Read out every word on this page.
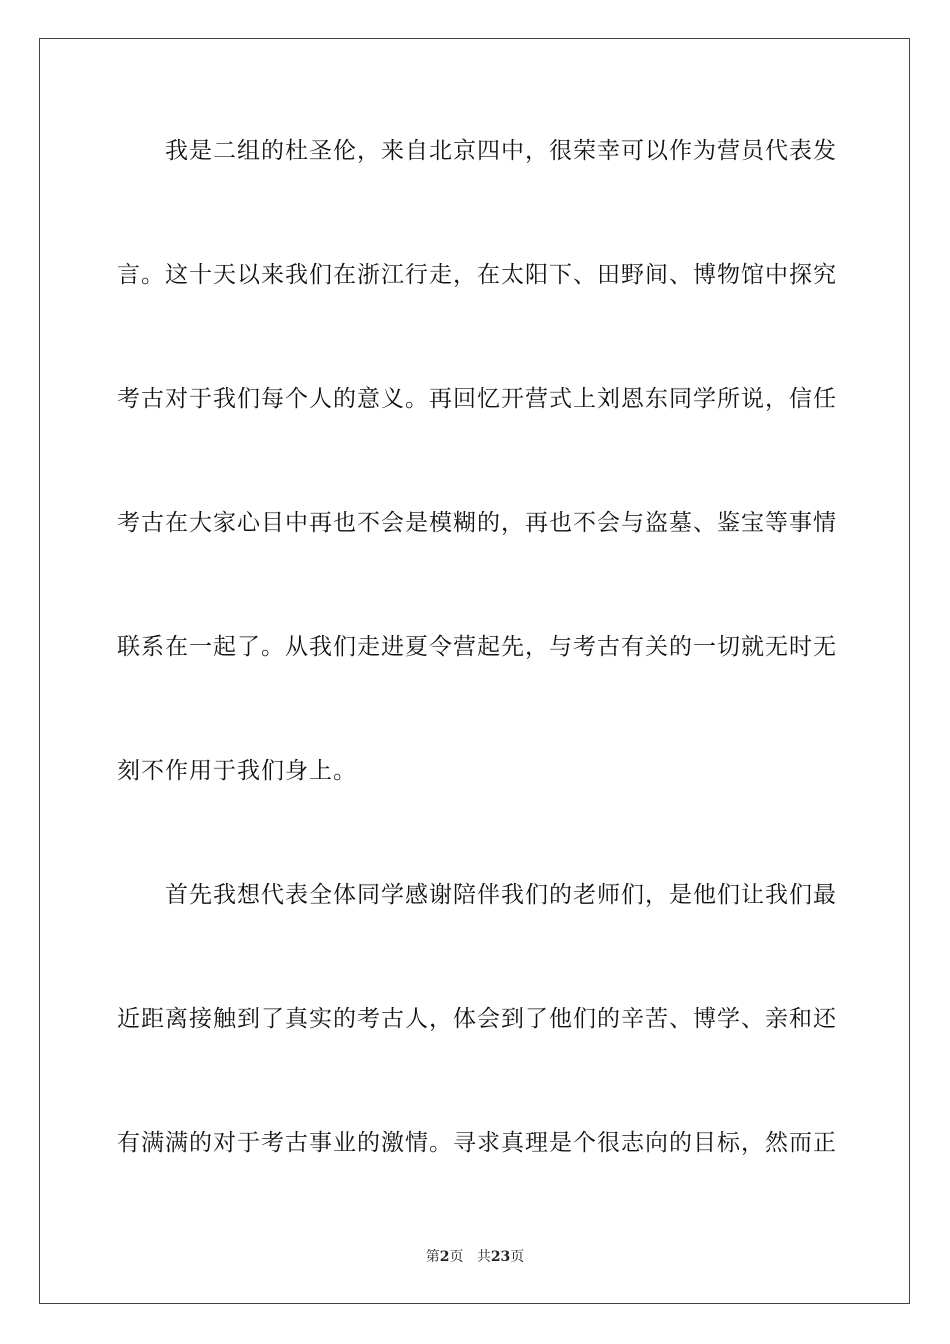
我是二组的杜圣伦，来自北京四中，很荣幸可以作为营员代表发
言。这十天以来我们在浙江行走，在太阳下、田野间、博物馆中探究
考古对于我们每个人的意义。再回忆开营式上刘恩东同学所说，信任
考古在大家心目中再也不会是模糊的，再也不会与盗墓、鉴宝等事情
联系在一起了。从我们走进夏令营起先，与考古有关的一切就无时无
刻不作用于我们身上。
首先我想代表全体同学感谢陪伴我们的老师们，是他们让我们最
近距离接触到了真实的考古人，体会到了他们的辛苦、博学、亲和还
有满满的对于考古事业的激情。寻求真理是个很志向的目标，然而正
第2页 共23页
